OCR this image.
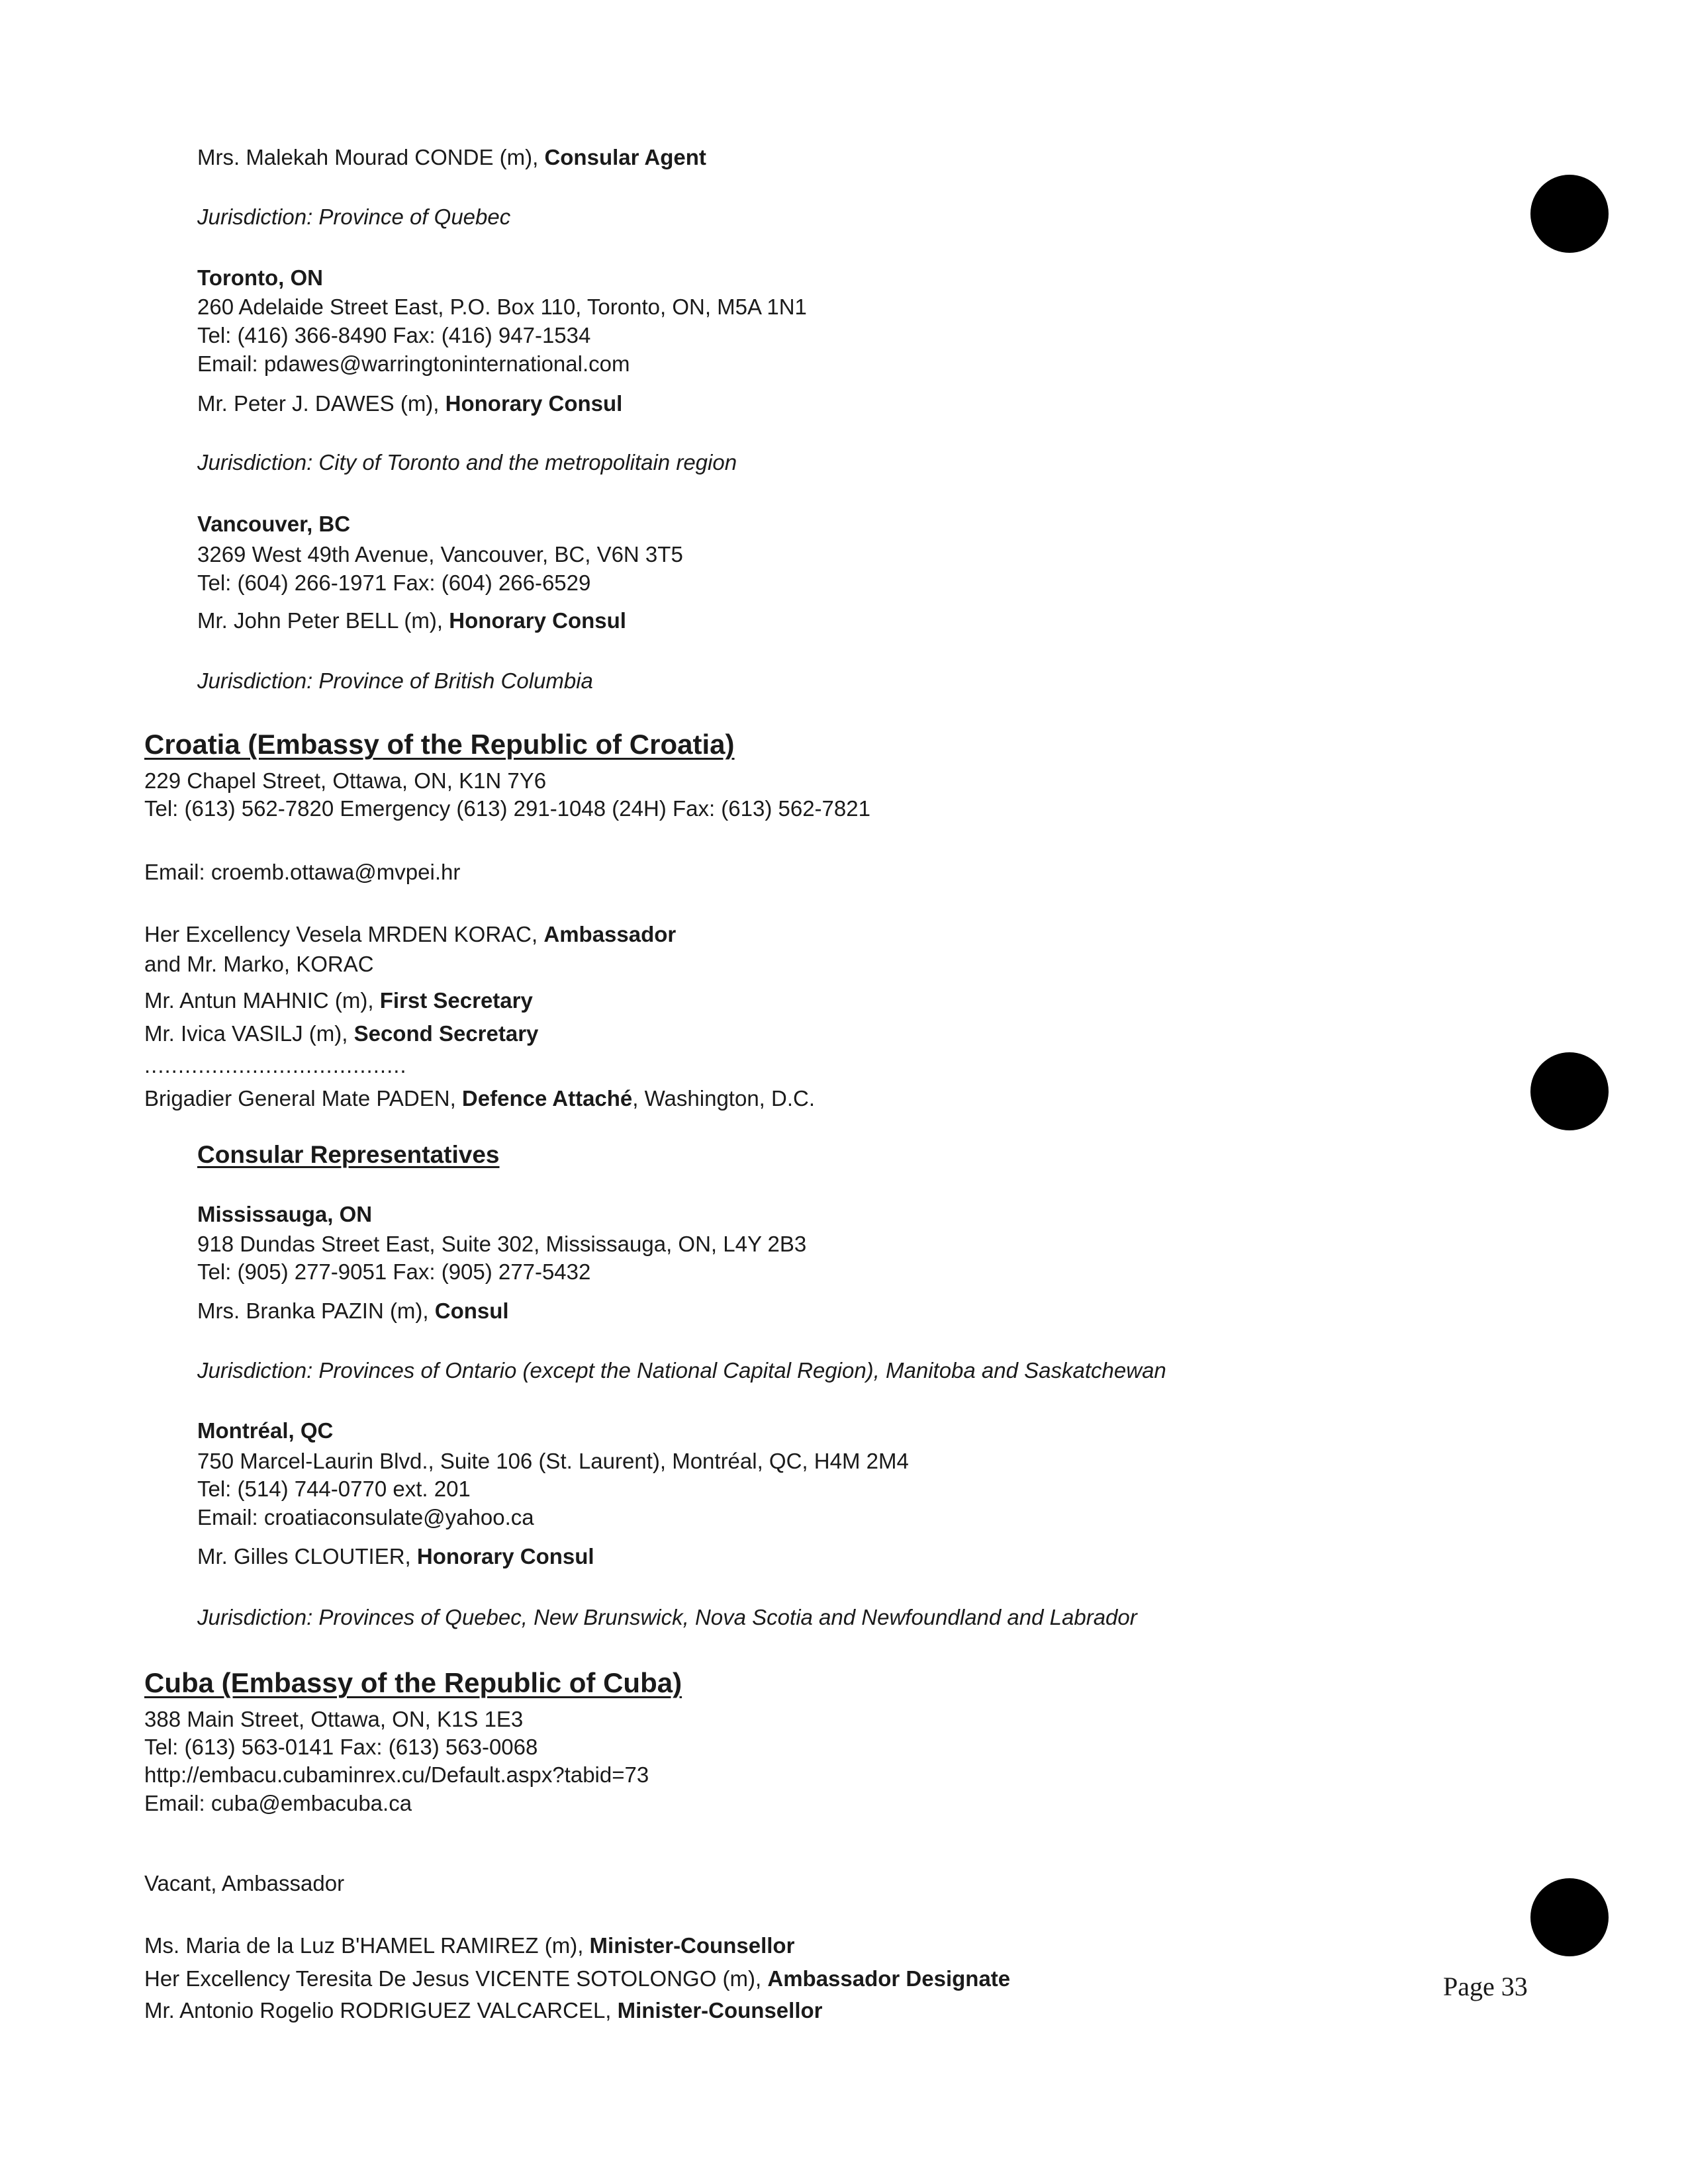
Mrs. Malekah Mourad CONDE (m), Consular Agent
Jurisdiction: Province of Quebec
Toronto, ON
260 Adelaide Street East, P.O. Box 110, Toronto, ON, M5A 1N1
Tel: (416) 366-8490 Fax: (416) 947-1534
Email: pdawes@warringtoninternational.com
Mr. Peter J. DAWES (m), Honorary Consul
Jurisdiction: City of Toronto and the metropolitain region
Vancouver, BC
3269 West 49th Avenue, Vancouver, BC, V6N 3T5
Tel: (604) 266-1971 Fax: (604) 266-6529
Mr. John Peter BELL (m), Honorary Consul
Jurisdiction: Province of British Columbia
Croatia (Embassy of the Republic of Croatia)
229 Chapel Street, Ottawa, ON, K1N 7Y6
Tel: (613) 562-7820 Emergency (613) 291-1048 (24H) Fax: (613) 562-7821
Email: croemb.ottawa@mvpei.hr
Her Excellency Vesela MRDEN KORAC, Ambassador
and Mr. Marko, KORAC
Mr. Antun MAHNIC (m), First Secretary
Mr. Ivica VASILJ (m), Second Secretary
.......................................
Brigadier General Mate PADEN, Defence Attaché, Washington, D.C.
Consular Representatives
Mississauga, ON
918 Dundas Street East, Suite 302, Mississauga, ON, L4Y 2B3
Tel: (905) 277-9051 Fax: (905) 277-5432
Mrs. Branka PAZIN (m), Consul
Jurisdiction: Provinces of Ontario (except the National Capital Region), Manitoba and Saskatchewan
Montréal, QC
750 Marcel-Laurin Blvd., Suite 106 (St. Laurent), Montréal, QC, H4M 2M4
Tel: (514) 744-0770 ext. 201
Email: croatiaconsulate@yahoo.ca
Mr. Gilles CLOUTIER, Honorary Consul
Jurisdiction: Provinces of Quebec, New Brunswick, Nova Scotia and Newfoundland and Labrador
Cuba (Embassy of the Republic of Cuba)
388 Main Street, Ottawa, ON, K1S 1E3
Tel: (613) 563-0141 Fax: (613) 563-0068
http://embacu.cubaminrex.cu/Default.aspx?tabid=73
Email: cuba@embacuba.ca
Vacant, Ambassador
Ms. Maria de la Luz B'HAMEL RAMIREZ (m), Minister-Counsellor
Her Excellency Teresita De Jesus VICENTE SOTOLONGO (m), Ambassador Designate
Mr. Antonio Rogelio RODRIGUEZ VALCARCEL, Minister-Counsellor
Page 33
